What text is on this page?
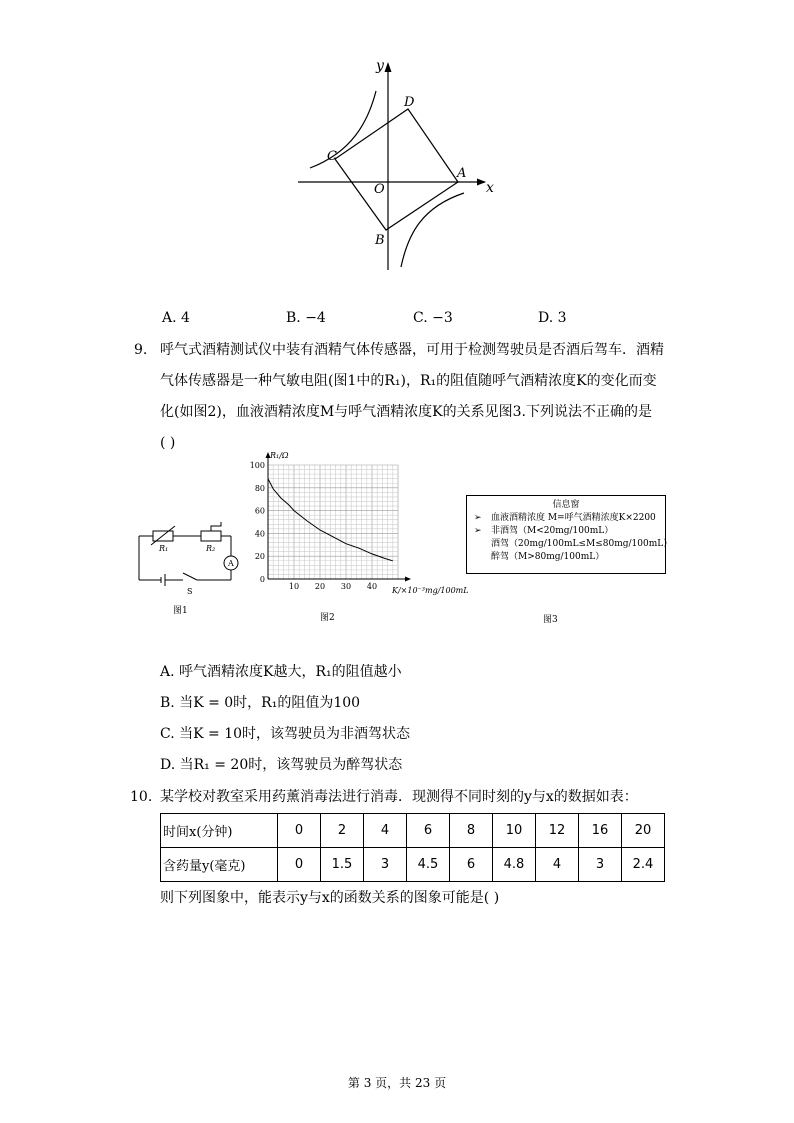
y
x
D
C
O
A
B
A. 4	B. −4	C. −3	D. 3
9. 呼气式酒精测试仪中装有酒精气体传感器，可用于检测驾驶员是否酒后驾车．酒精
气体传感器是一种气敏电阻(图1中的R₁)，R₁的阻值随呼气酒精浓度K的变化而变
化(如图2)，血液酒精浓度M与呼气酒精浓度K的关系见图3.下列说法不正确的是
( )
R₁	R₂
A
S
图1
10 20 30 40
0
20
40
60
80
100
R₁/Ω
K/×10⁻³mg/100mL
图2
信息窗
➢ 血液酒精浓度 M=呼气酒精浓度K×2200
➢ 非酒驾（M<20mg/100mL）
酒驾（20mg/100mL≤M≤80mg/100mL）
醉驾（M>80mg/100mL）
图3
A. 呼气酒精浓度K越大，R₁的阻值越小
B. 当K = 0时，R₁的阻值为100
C. 当K = 10时，该驾驶员为非酒驾状态
D. 当R₁ = 20时，该驾驶员为醉驾状态
10. 某学校对教室采用药薰消毒法进行消毒．现测得不同时刻的y与x的数据如表：
时间x(分钟)	0	2	4	6	8	10	12	16	20
含药量y(毫克)	0	1.5	3	4.5	6	4.8	4	3	2.4
则下列图象中，能表示y与x的函数关系的图象可能是( )
第 3 页，共 23 页
